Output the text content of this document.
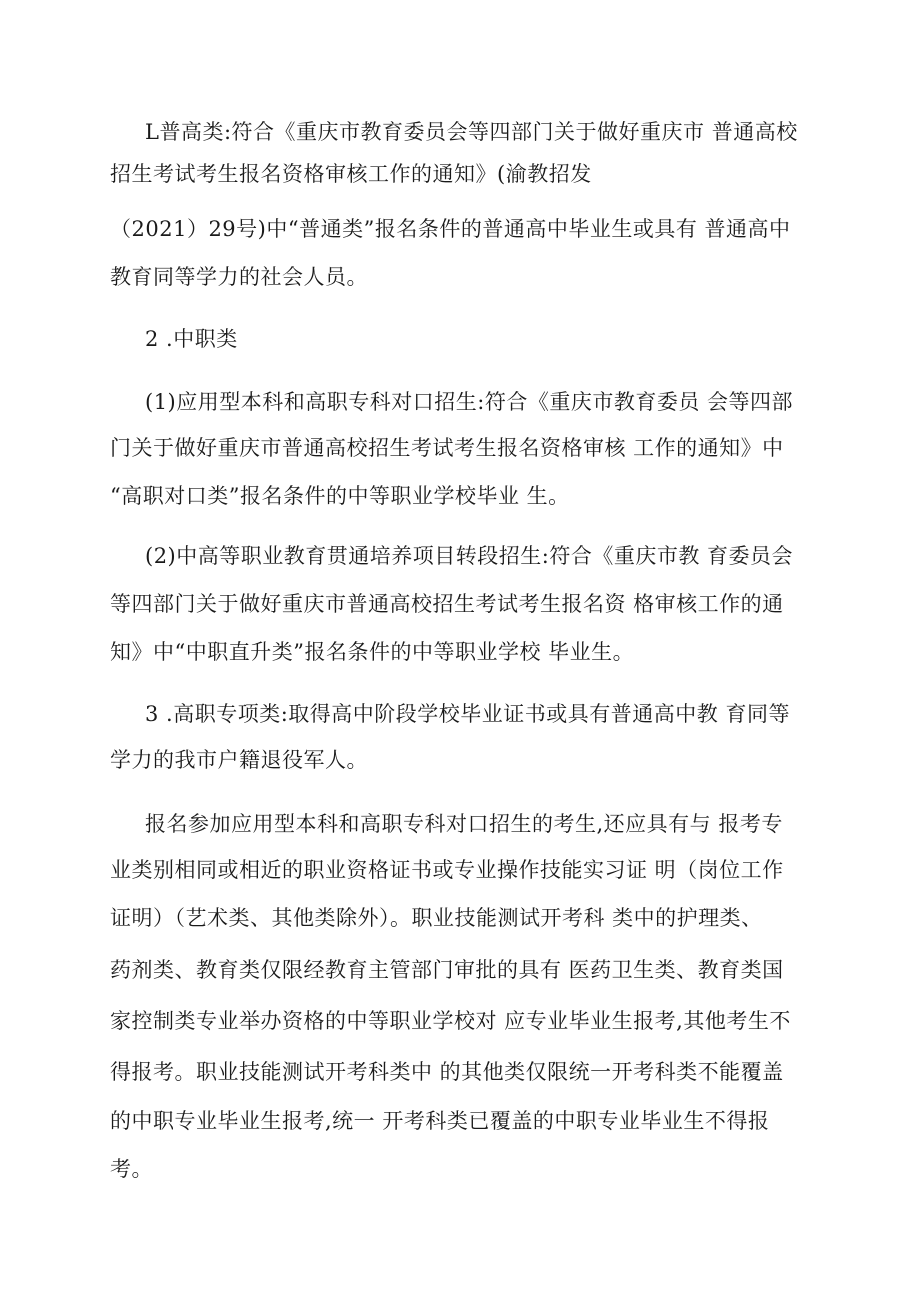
L普高类:符合《重庆市教育委员会等四部门关于做好重庆市 普通高校
招生考试考生报名资格审核工作的通知》(渝教招发
（2021）29号)中“普通类”报名条件的普通高中毕业生或具有 普通高中
教育同等学力的社会人员。
2 .中职类
(1)应用型本科和高职专科对口招生:符合《重庆市教育委员 会等四部
门关于做好重庆市普通高校招生考试考生报名资格审核 工作的通知》中
“高职对口类”报名条件的中等职业学校毕业 生。
(2)中高等职业教育贯通培养项目转段招生:符合《重庆市教 育委员会
等四部门关于做好重庆市普通高校招生考试考生报名资 格审核工作的通
知》中“中职直升类”报名条件的中等职业学校 毕业生。
3 .高职专项类:取得高中阶段学校毕业证书或具有普通高中教 育同等
学力的我市户籍退役军人。
报名参加应用型本科和高职专科对口招生的考生,还应具有与 报考专
业类别相同或相近的职业资格证书或专业操作技能实习证 明（岗位工作
证明）（艺术类、其他类除外）。职业技能测试开考科 类中的护理类、
药剂类、教育类仅限经教育主管部门审批的具有 医药卫生类、教育类国
家控制类专业举办资格的中等职业学校对 应专业毕业生报考,其他考生不
得报考。职业技能测试开考科类中 的其他类仅限统一开考科类不能覆盖
的中职专业毕业生报考,统一 开考科类已覆盖的中职专业毕业生不得报
考。
